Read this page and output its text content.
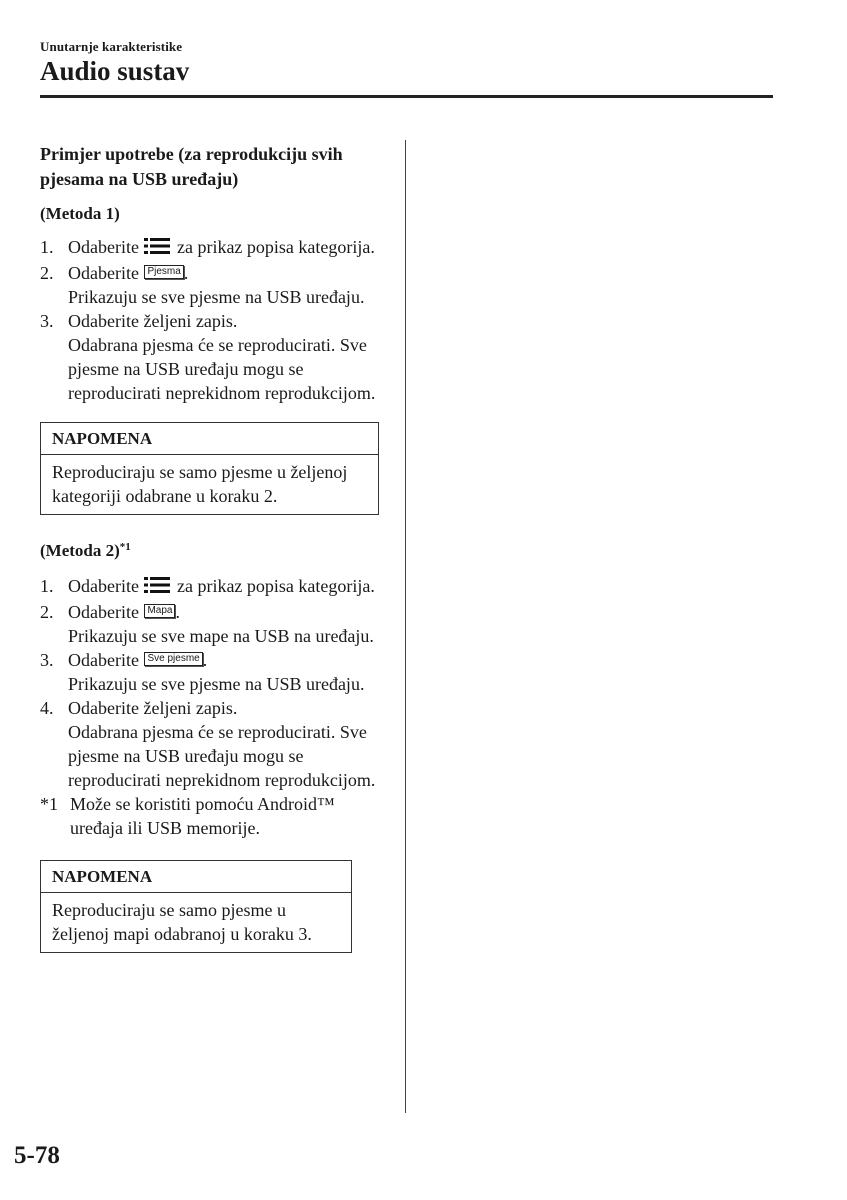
Unutarnje karakteristike
Audio sustav

Primjer upotrebe (za reprodukciju svih pjesama na USB uređaju)

(Metoda 1)

1. Odaberite za prikaz popisa kategorija.
2. Odaberite Pjesma .
Prikazuju se sve pjesme na USB uređaju.
3. Odaberite željeni zapis.
Odabrana pjesma će se reproducirati. Sve pjesme na USB uređaju mogu se reproducirati neprekidnom reprodukcijom.
NAPOMENA
Reproduciraju se samo pjesme u željenoj kategoriji odabrane u koraku 2.

(Metoda 2)$^{*1}$

1. Odaberite za prikaz popisa kategorija.
2. Odaberite Mapa .
Prikazuju se sve mape na USB na uređaju.
3. Odaberite Sve pjesme .
Prikazuju se sve pjesme na USB uređaju.
4. Odaberite željeni zapis.
Odabrana pjesma će se reproducirati. Sve pjesme na USB uređaju mogu se reproducirati neprekidnom reprodukcijom.
*1 Može se koristiti pomoću Android™ uređaja ili USB memorije.
NAPOMENA
Reproduciraju se samo pjesme u željenoj mapi odabranoj u koraku 3.
5-78
